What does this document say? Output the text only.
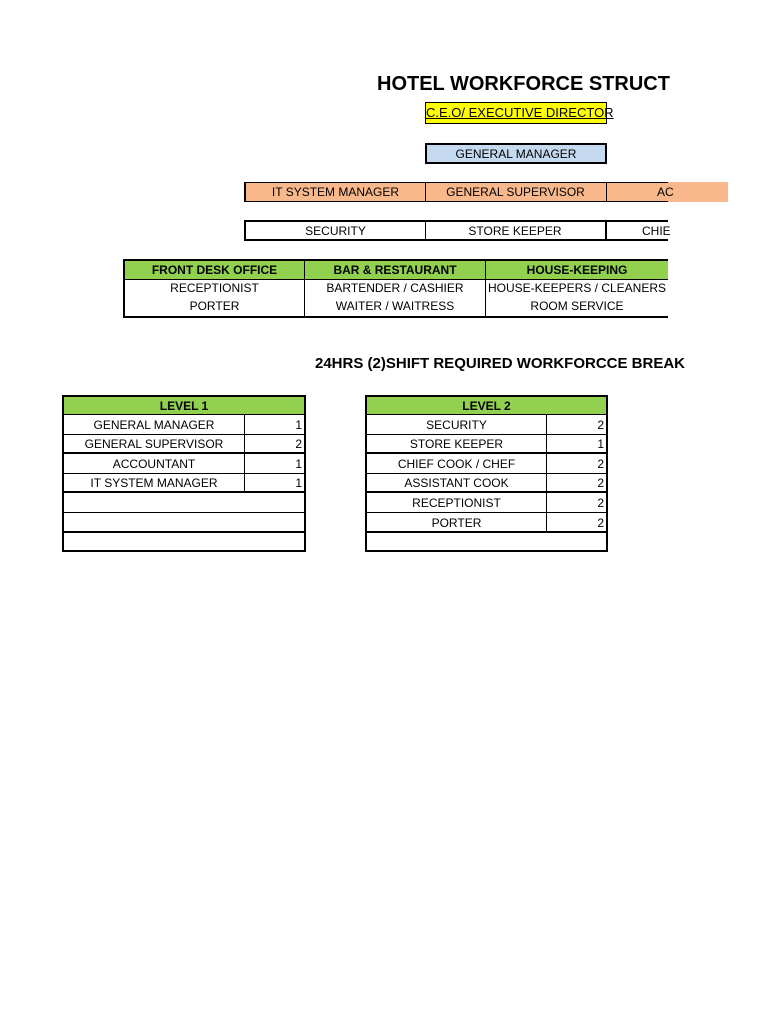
HOTEL WORKFORCE STRUCT
C.E.O/ EXECUTIVE DIRECTOR
GENERAL MANAGER
IT SYSTEM MANAGER	GENERAL SUPERVISOR	AC
SECURITY	STORE KEEPER	CHIE
FRONT DESK OFFICE	BAR & RESTAURANT	HOUSE-KEEPING
RECEPTIONIST	BARTENDER / CASHIER	HOUSE-KEEPERS / CLEANERS
PORTER	WAITER / WAITRESS	ROOM SERVICE
24HRS (2)SHIFT REQUIRED WORKFORCCE BREAK
LEVEL 1
GENERAL MANAGER	1
GENERAL SUPERVISOR	2
ACCOUNTANT	1
IT SYSTEM MANAGER	1
LEVEL 2
SECURITY	2
STORE KEEPER	1
CHIEF COOK / CHEF	2
ASSISTANT COOK	2
RECEPTIONIST	2
PORTER	2
